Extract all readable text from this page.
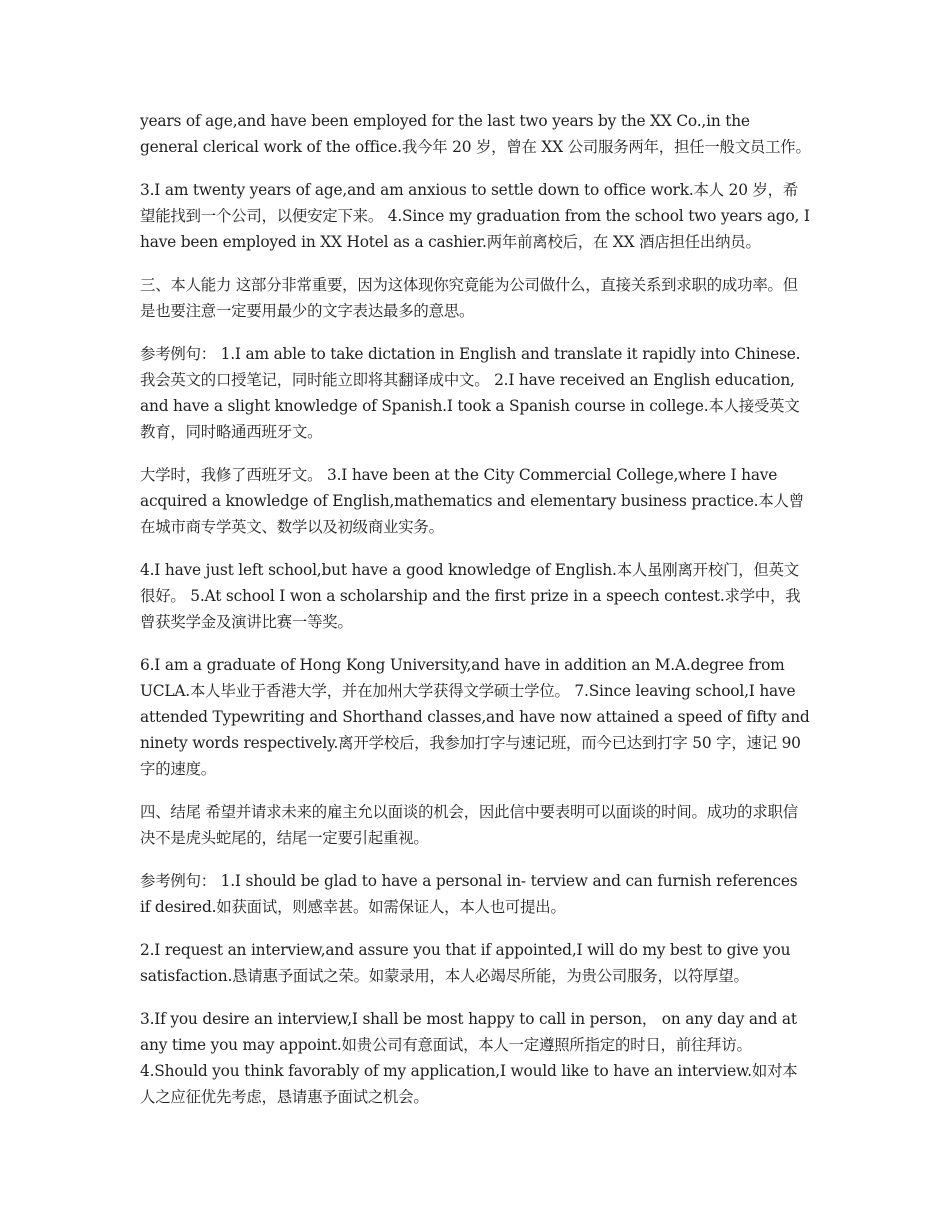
years of age,and have been employed for the last two years by the XX Co.,in the general clerical work of the office.我今年 20 岁，曾在 XX 公司服务两年，担任一般文员工作。

3.I am twenty years of age,and am anxious to settle down to office work.本人 20 岁，希望能找到一个公司，以便安定下来。 4.Since my graduation from the school two years ago, I have been employed in XX Hotel as a cashier.两年前离校后，在 XX 酒店担任出纳员。

三、本人能力 这部分非常重要，因为这体现你究竟能为公司做什么，直接关系到求职的成功率。但是也要注意一定要用最少的文字表达最多的意思。

参考例句： 1.I am able to take dictation in English and translate it rapidly into Chinese.我会英文的口授笔记，同时能立即将其翻译成中文。 2.I have received an English education, and have a slight knowledge of Spanish.I took a Spanish course in college.本人接受英文教育，同时略通西班牙文。

大学时，我修了西班牙文。 3.I have been at the City Commercial College,where I have acquired a knowledge of English,mathematics and elementary business practice.本人曾在城市商专学英文、数学以及初级商业实务。

4.I have just left school,but have a good knowledge of English.本人虽刚离开校门，但英文很好。 5.At school I won a scholarship and the first prize in a speech contest.求学中，我曾获奖学金及演讲比赛一等奖。

6.I am a graduate of Hong Kong University,and have in addition an M.A.degree from UCLA.本人毕业于香港大学，并在加州大学获得文学硕士学位。 7.Since leaving school,I have attended Typewriting and Shorthand classes,and have now attained a speed of fifty and ninety words respectively.离开学校后，我参加打字与速记班，而今已达到打字 50 字，速记 90 字的速度。

四、结尾 希望并请求未来的雇主允以面谈的机会，因此信中要表明可以面谈的时间。成功的求职信决不是虎头蛇尾的，结尾一定要引起重视。

参考例句： 1.I should be glad to have a personal in- terview and can furnish references if desired.如获面试，则感幸甚。如需保证人，本人也可提出。

2.I request an interview,and assure you that if appointed,I will do my best to give you satisfaction.恳请惠予面试之荣。如蒙录用，本人必竭尽所能，为贵公司服务，以符厚望。

3.If you desire an interview,I shall be most happy to call in person， on any day and at any time you may appoint.如贵公司有意面试，本人一定遵照所指定的时日，前往拜访。 4.Should you think favorably of my application,I would like to have an interview.如对本人之应征优先考虑，恳请惠予面试之机会。
